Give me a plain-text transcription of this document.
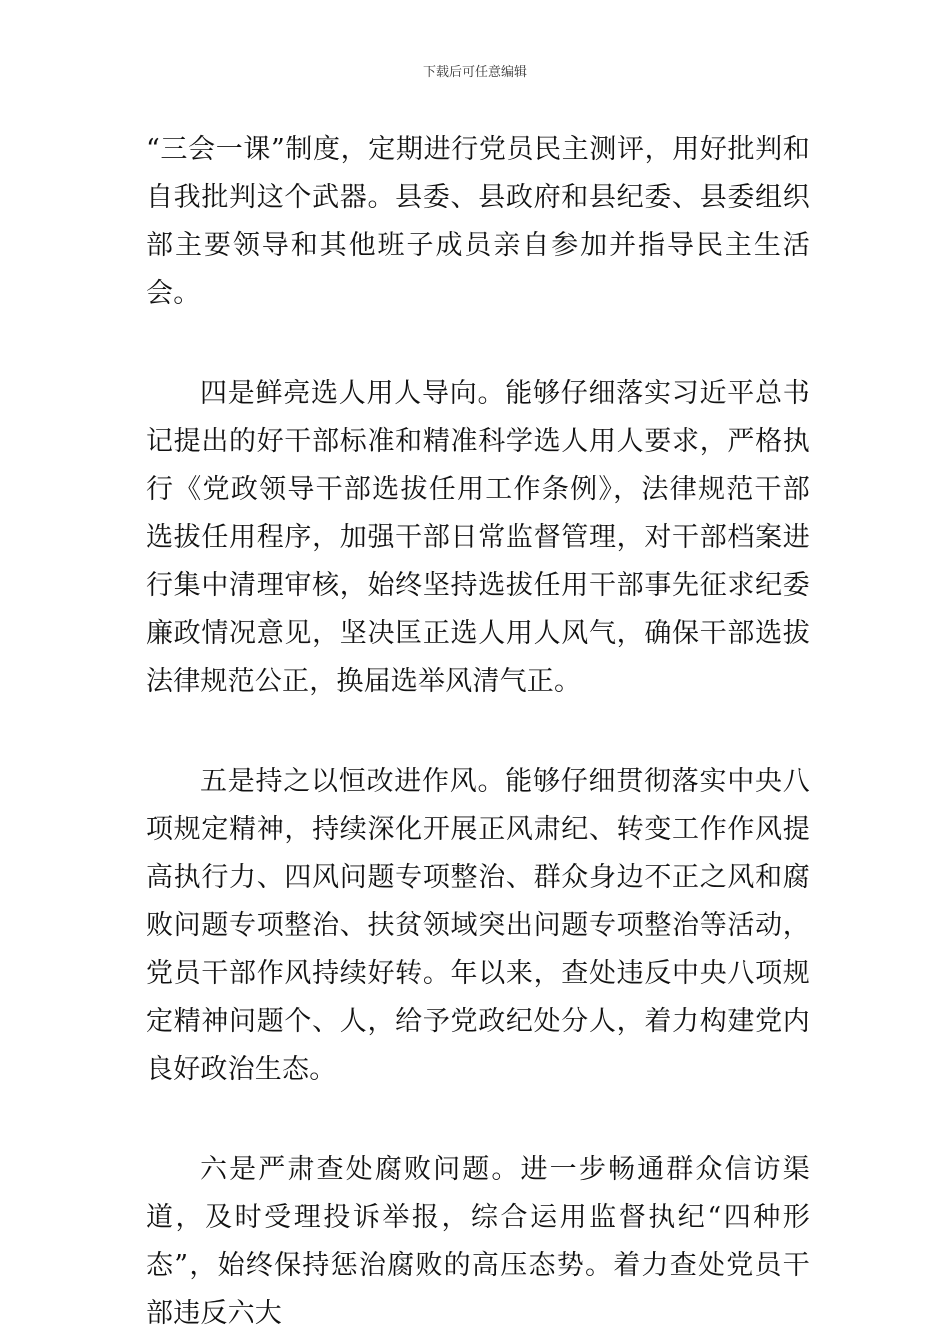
下载后可任意编辑

“三会一课”制度，定期进行党员民主测评，用好批判和自我批判这个武器。县委、县政府和县纪委、县委组织部主要领导和其他班子成员亲自参加并指导民主生活会。

四是鲜亮选人用人导向。能够仔细落实习近平总书记提出的好干部标准和精准科学选人用人要求，严格执行《党政领导干部选拔任用工作条例》，法律规范干部选拔任用程序，加强干部日常监督管理，对干部档案进行集中清理审核，始终坚持选拔任用干部事先征求纪委廉政情况意见，坚决匡正选人用人风气，确保干部选拔法律规范公正，换届选举风清气正。

五是持之以恒改进作风。能够仔细贯彻落实中央八项规定精神，持续深化开展正风肃纪、转变工作作风提高执行力、四风问题专项整治、群众身边不正之风和腐败问题专项整治、扶贫领域突出问题专项整治等活动，党员干部作风持续好转。年以来，查处违反中央八项规定精神问题个、人，给予党政纪处分人，着力构建党内良好政治生态。

六是严肃查处腐败问题。进一步畅通群众信访渠道，及时受理投诉举报，综合运用监督执纪“四种形态”，始终保持惩治腐败的高压态势。着力查处党员干部违反六大
